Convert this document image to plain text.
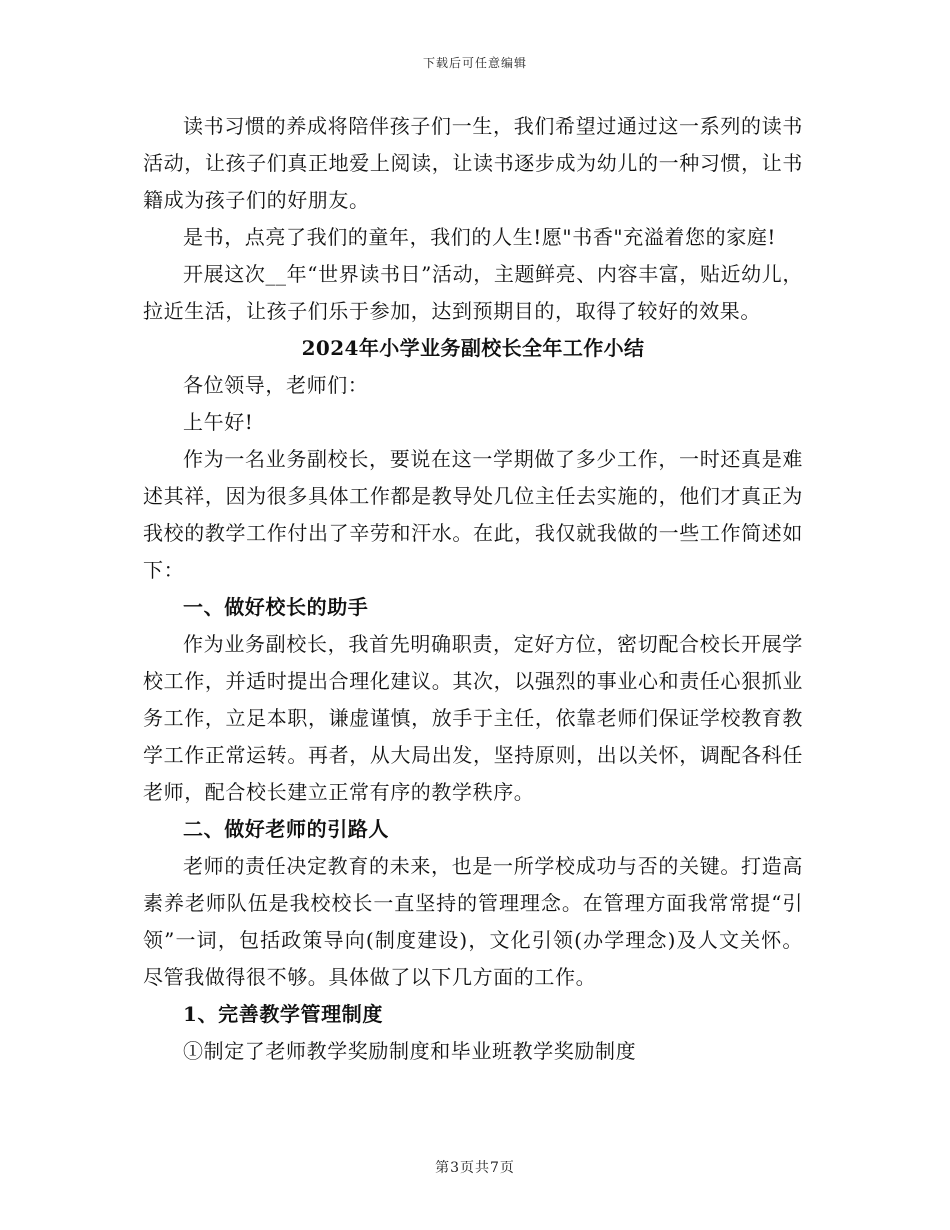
下载后可任意编辑

读书习惯的养成将陪伴孩子们一生，我们希望过通过这一系列的读书活动，让孩子们真正地爱上阅读，让读书逐步成为幼儿的一种习惯，让书籍成为孩子们的好朋友。

是书，点亮了我们的童年，我们的人生!愿"书香"充溢着您的家庭!

开展这次__年“世界读书日”活动，主题鲜亮、内容丰富，贴近幼儿，拉近生活，让孩子们乐于参加，达到预期目的，取得了较好的效果。

2024年小学业务副校长全年工作小结

各位领导，老师们：

上午好!

作为一名业务副校长，要说在这一学期做了多少工作，一时还真是难述其祥，因为很多具体工作都是教导处几位主任去实施的，他们才真正为我校的教学工作付出了辛劳和汗水。在此，我仅就我做的一些工作简述如下：

一、做好校长的助手

作为业务副校长，我首先明确职责，定好方位，密切配合校长开展学校工作，并适时提出合理化建议。其次，以强烈的事业心和责任心狠抓业务工作，立足本职，谦虚谨慎，放手于主任，依靠老师们保证学校教育教学工作正常运转。再者，从大局出发，坚持原则，出以关怀，调配各科任老师，配合校长建立正常有序的教学秩序。

二、做好老师的引路人

老师的责任决定教育的未来，也是一所学校成功与否的关键。打造高素养老师队伍是我校校长一直坚持的管理理念。在管理方面我常常提“引领”一词，包括政策导向(制度建设)，文化引领(办学理念)及人文关怀。尽管我做得很不够。具体做了以下几方面的工作。

1、完善教学管理制度

①制定了老师教学奖励制度和毕业班教学奖励制度

第3页共7页
